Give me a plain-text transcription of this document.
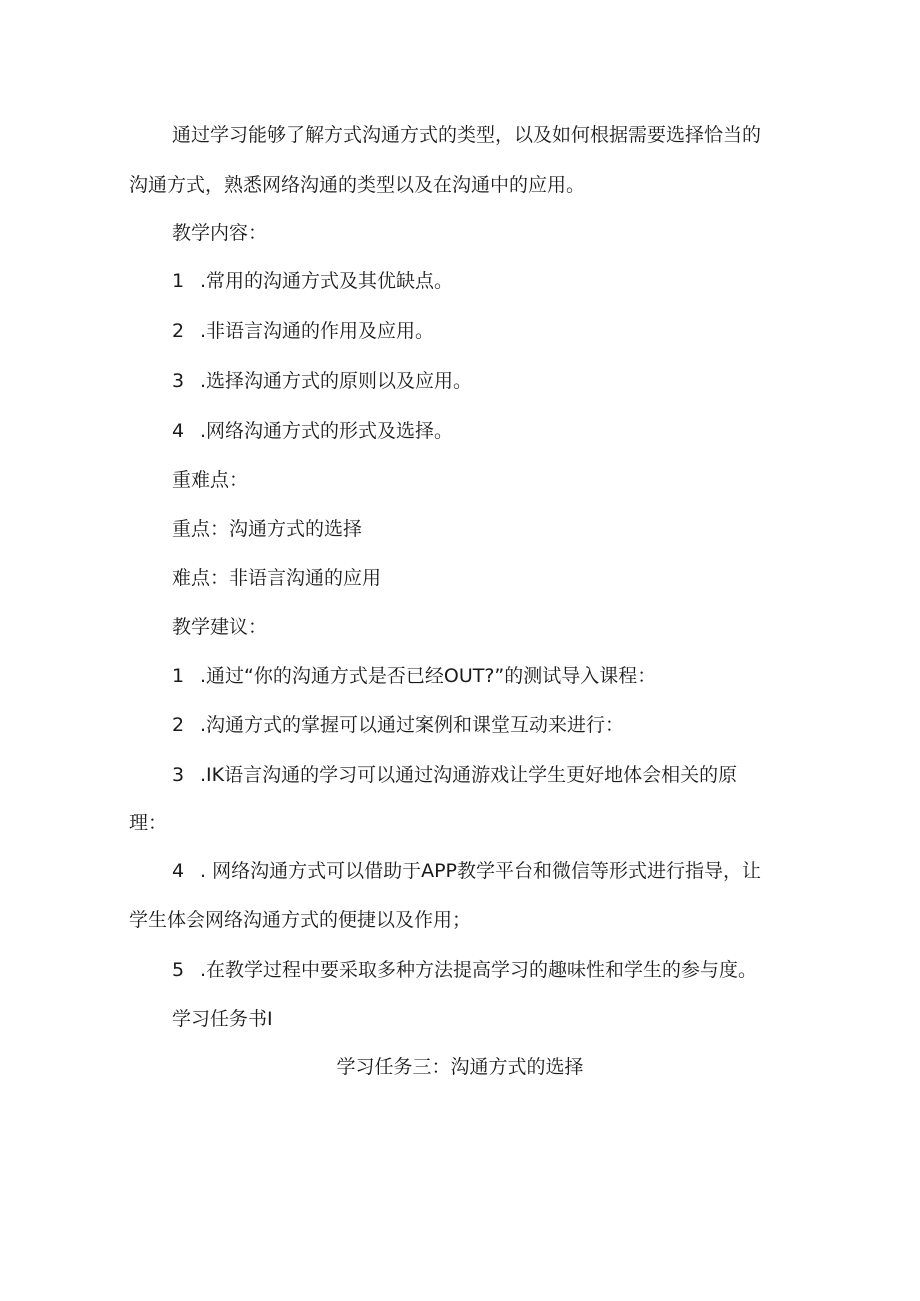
通过学习能够了解方式沟通方式的类型，以及如何根据需要选择恰当的
沟通方式，熟悉网络沟通的类型以及在沟通中的应用。
教学内容：
1 .常用的沟通方式及其优缺点。
2 .非语言沟通的作用及应用。
3 .选择沟通方式的原则以及应用。
4 .网络沟通方式的形式及选择。
重难点：
重点：沟通方式的选择
难点：非语言沟通的应用
教学建议：
1 .通过“你的沟通方式是否已经OUT?”的测试导入课程：
2 .沟通方式的掌握可以通过案例和课堂互动来进行：
3 .IK语言沟通的学习可以通过沟通游戏让学生更好地体会相关的原
理：
4 . 网络沟通方式可以借助于APP教学平台和微信等形式进行指导，让
学生体会网络沟通方式的便捷以及作用；
5 .在教学过程中要采取多种方法提高学习的趣味性和学生的参与度。
学习任务书I
学习任务三：沟通方式的选择
